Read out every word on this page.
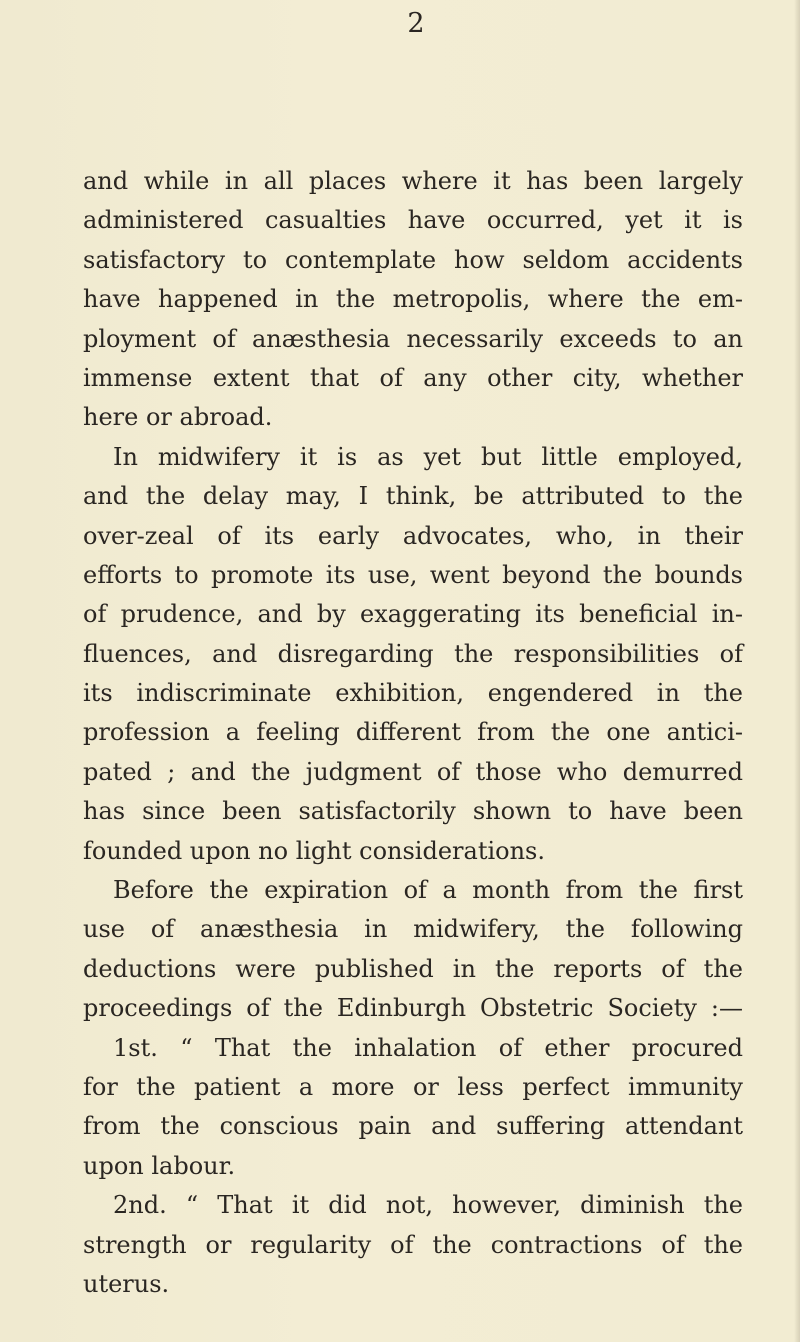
2
and while in all places where it has been largely
administered casualties have occurred, yet it is
satisfactory to contemplate how seldom accidents
have happened in the metropolis, where the em-
ployment of anæsthesia necessarily exceeds to an
immense extent that of any other city, whether
here or abroad.
In midwifery it is as yet but little employed,
and the delay may, I think, be attributed to the
over-zeal of its early advocates, who, in their
efforts to promote its use, went beyond the bounds
of prudence, and by exaggerating its beneficial in-
fluences, and disregarding the responsibilities of
its indiscriminate exhibition, engendered in the
profession a feeling different from the one antici-
pated ; and the judgment of those who demurred
has since been satisfactorily shown to have been
founded upon no light considerations.
Before the expiration of a month from the first
use of anæsthesia in midwifery, the following
deductions were published in the reports of the
proceedings of the Edinburgh Obstetric Society :—
1st. “ That the inhalation of ether procured
for the patient a more or less perfect immunity
from the conscious pain and suffering attendant
upon labour.
2nd. “ That it did not, however, diminish the
strength or regularity of the contractions of the
uterus.
